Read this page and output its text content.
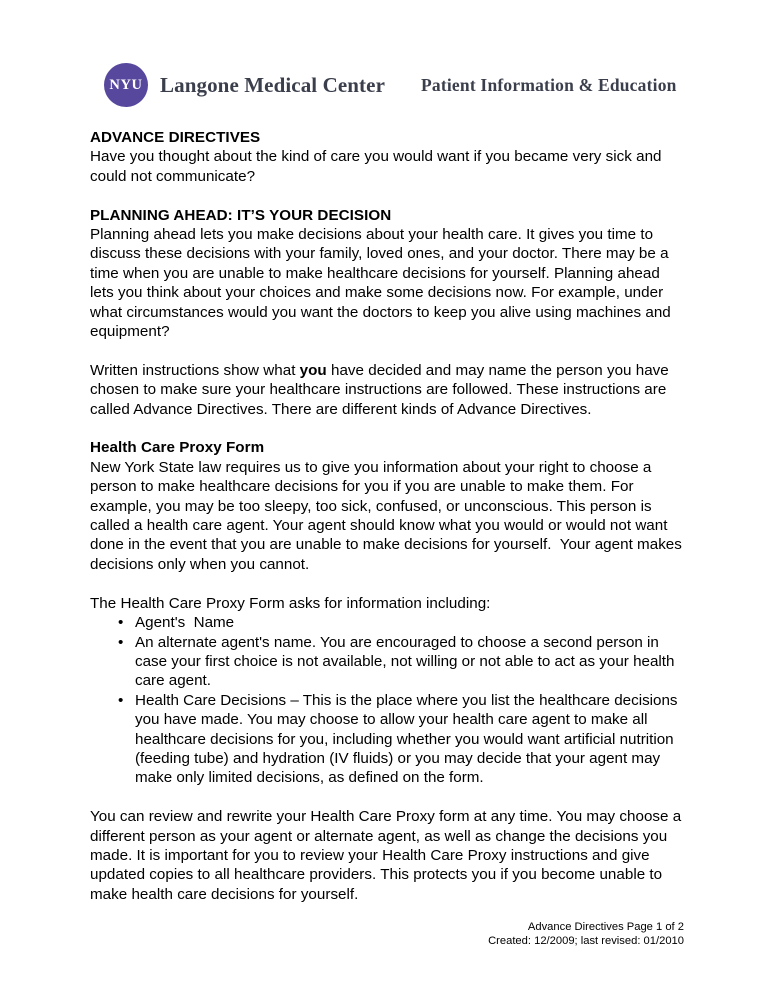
NYU Langone Medical Center Patient Information & Education
ADVANCE DIRECTIVES

Have you thought about the kind of care you would want if you became very sick and could not communicate?

PLANNING AHEAD: IT’S YOUR DECISION

Planning ahead lets you make decisions about your health care. It gives you time to discuss these decisions with your family, loved ones, and your doctor. There may be a time when you are unable to make healthcare decisions for yourself. Planning ahead lets you think about your choices and make some decisions now. For example, under what circumstances would you want the doctors to keep you alive using machines and equipment?

Written instructions show what you have decided and may name the person you have chosen to make sure your healthcare instructions are followed. These instructions are called Advance Directives. There are different kinds of Advance Directives.

Health Care Proxy Form

New York State law requires us to give you information about your right to choose a person to make healthcare decisions for you if you are unable to make them. For example, you may be too sleepy, too sick, confused, or unconscious. This person is called a health care agent. Your agent should know what you would or would not want done in the event that you are unable to make decisions for yourself.  Your agent makes decisions only when you cannot.

The Health Care Proxy Form asks for information including:

• Agent's  Name
• An alternate agent's name. You are encouraged to choose a second person in case your first choice is not available, not willing or not able to act as your health care agent.
• Health Care Decisions – This is the place where you list the healthcare decisions you have made. You may choose to allow your health care agent to make all healthcare decisions for you, including whether you would want artificial nutrition (feeding tube) and hydration (IV fluids) or you may decide that your agent may make only limited decisions, as defined on the form.

You can review and rewrite your Health Care Proxy form at any time. You may choose a different person as your agent or alternate agent, as well as change the decisions you made. It is important for you to review your Health Care Proxy instructions and give updated copies to all healthcare providers. This protects you if you become unable to make health care decisions for yourself.

Advance Directives Page 1 of 2
Created: 12/2009; last revised: 01/2010
